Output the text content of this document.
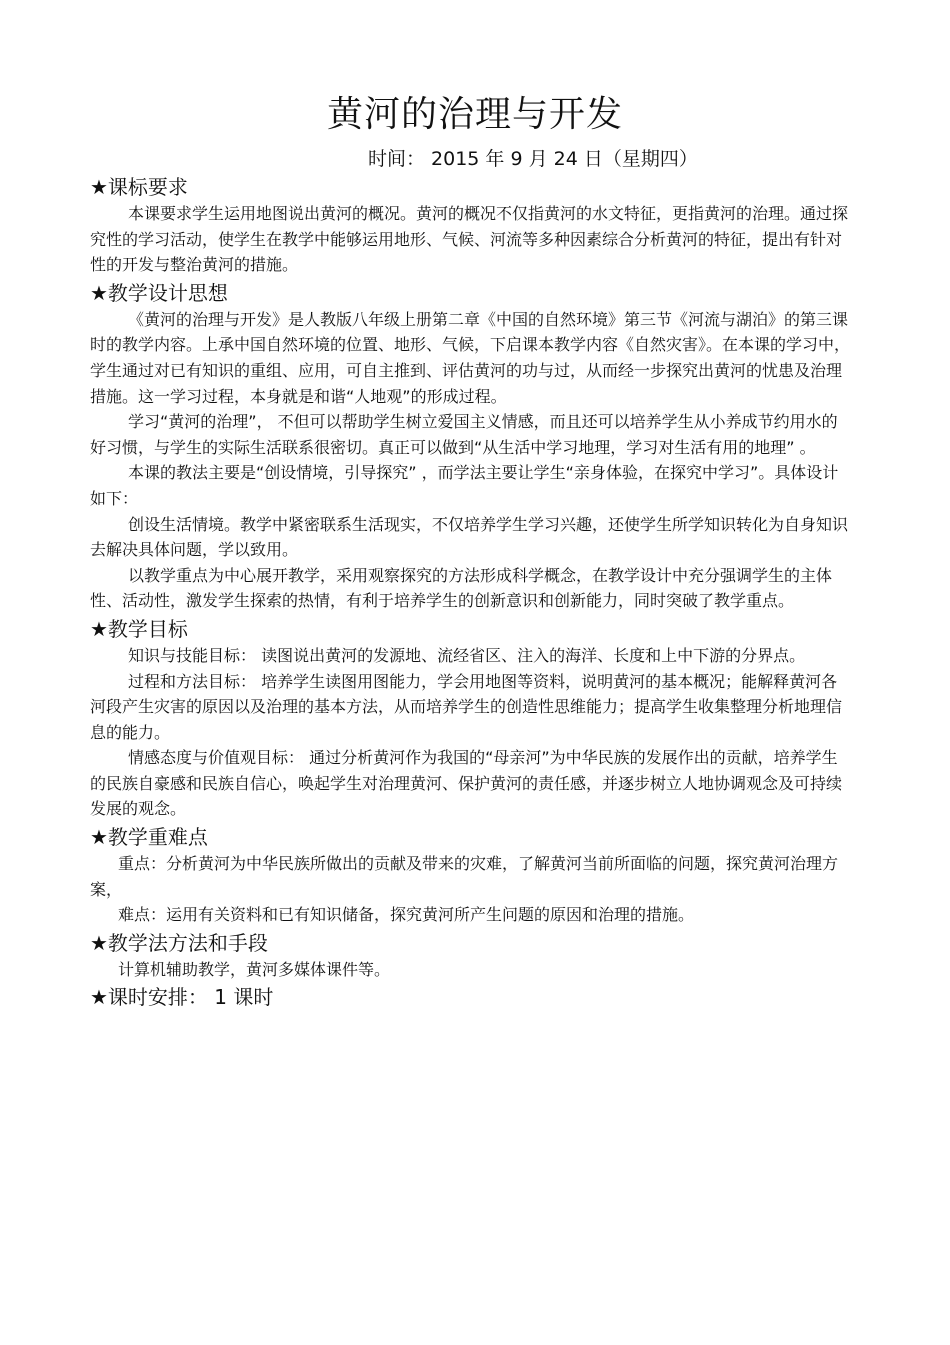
黄河的治理与开发

时间： 2015 年 9 月 24 日（星期四）

★课标要求

本课要求学生运用地图说出黄河的概况。黄河的概况不仅指黄河的水文特征，更指黄河的治理。通过探究性的学习活动，使学生在教学中能够运用地形、气候、河流等多种因素综合分析黄河的特征，提出有针对性的开发与整治黄河的措施。

★教学设计思想

《黄河的治理与开发》是人教版八年级上册第二章《中国的自然环境》第三节《河流与湖泊》的第三课时的教学内容。上承中国自然环境的位置、地形、气候，下启课本教学内容《自然灾害》。在本课的学习中，学生通过对已有知识的重组、应用，可自主推到、评估黄河的功与过，从而经一步探究出黄河的忧患及治理措施。这一学习过程，本身就是和谐“人地观”的形成过程。

学习“黄河的治理”， 不但可以帮助学生树立爱国主义情感，而且还可以培养学生从小养成节约用水的好习惯，与学生的实际生活联系很密切。真正可以做到“从生活中学习地理，学习对生活有用的地理” 。

本课的教法主要是“创设情境，引导探究” ，而学法主要让学生“亲身体验，在探究中学习”。具体设计如下：

创设生活情境。教学中紧密联系生活现实，不仅培养学生学习兴趣，还使学生所学知识转化为自身知识去解决具体问题，学以致用。

以教学重点为中心展开教学，采用观察探究的方法形成科学概念，在教学设计中充分强调学生的主体性、活动性，激发学生探索的热情，有利于培养学生的创新意识和创新能力，同时突破了教学重点。

★教学目标

知识与技能目标： 读图说出黄河的发源地、流经省区、注入的海洋、长度和上中下游的分界点。

过程和方法目标： 培养学生读图用图能力，学会用地图等资料，说明黄河的基本概况；能解释黄河各河段产生灾害的原因以及治理的基本方法，从而培养学生的创造性思维能力；提高学生收集整理分析地理信息的能力。

情感态度与价值观目标： 通过分析黄河作为我国的“母亲河”为中华民族的发展作出的贡献，培养学生的民族自豪感和民族自信心，唤起学生对治理黄河、保护黄河的责任感，并逐步树立人地协调观念及可持续发展的观念。

★教学重难点

重点：分析黄河为中华民族所做出的贡献及带来的灾难，了解黄河当前所面临的问题，探究黄河治理方案，

难点：运用有关资料和已有知识储备，探究黄河所产生问题的原因和治理的措施。

★教学法方法和手段

计算机辅助教学，黄河多媒体课件等。

★课时安排： 1 课时
